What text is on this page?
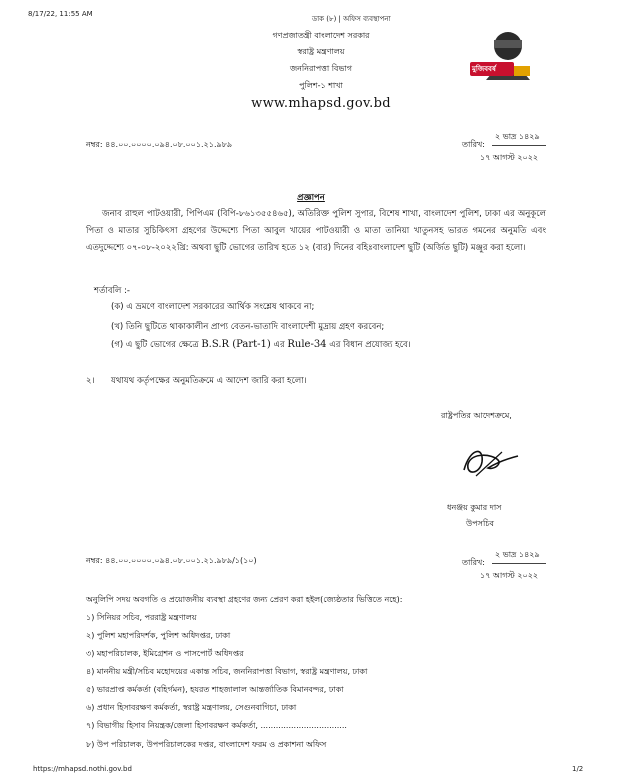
8/17/22, 11:55 AM
ডাক (৮) | অফিস ব্যবস্থাপনা
গণপ্রজাতন্ত্রী বাংলাদেশ সরকার
স্বরাষ্ট্র মন্ত্রণালয়
জননিরাপত্তা বিভাগ
পুলিশ-১ শাখা
www.mhapsd.gov.bd
মুজিববর্ষ
নম্বর: ৪৪.০০.০০০০.০৯৪.০৮.০০১.২১.৯৮৯	তারিখ:
২ ভাদ্র ১৪২৯
১৭ আগস্ট ২০২২
প্রজ্ঞাপন
জনাব রাহুল পাটওয়ারী, পিপিএম (বিপি-৮৬১৩৫৫৪৬৫), অতিরিক্ত পুলিশ সুপার, বিশেষ শাখা, বাংলাদেশ পুলিশ, ঢাকা এর অনুকূলে পিতা ও মাতার সুচিকিৎসা গ্রহণের উদ্দেশ্যে পিতা আবুল খায়ের পাটওয়ারী ও মাতা তানিয়া খাতুনসহ ভারত গমনের অনুমতি এবং এতদুদ্দেশ্যে ০৭-০৮-২০২২খ্রি: অথবা ছুটি ভোগের তারিখ হতে ১২ (বার) দিনের বহিঃবাংলাদেশ ছুটি (অর্জিত ছুটি) মঞ্জুর করা হলো।
শর্তাবলি :-
(ক) এ ভ্রমণে বাংলাদেশ সরকারের আর্থিক সংশ্লেষ থাকবে না;
(খ) তিনি ছুটিতে থাকাকালীন প্রাপ্য বেতন-ভাতাদি বাংলাদেশী মুদ্রায় গ্রহণ করবেন;
(গ) এ ছুটি ভোগের ক্ষেত্রে B.S.R (Part-1) এর Rule-34 এর বিধান প্রযোজ্য হবে।
২। যথাযথ কর্তৃপক্ষের অনুমতিক্রমে এ আদেশ জারি করা হলো।
রাষ্ট্রপতির আদেশক্রমে,
ধনঞ্জয় কুমার দাস
উপসচিব
নম্বর: ৪৪.০০.০০০০.০৯৪.০৮.০০১.২১.৯৮৯/১(১০)	তারিখ:
২ ভাদ্র ১৪২৯
১৭ আগস্ট ২০২২
অনুলিপি সদয় অবগতি ও প্রয়োজনীয় ব্যবস্থা গ্রহণের জন্য প্রেরণ করা হইল(জ্যেষ্ঠতার ভিত্তিতে নহে):
১) সিনিয়র সচিব, পররাষ্ট্র মন্ত্রণালয়
২) পুলিশ মহাপরিদর্শক, পুলিশ অধিদপ্তর, ঢাকা
৩) মহাপরিচালক, ইমিগ্রেশন ও পাসপোর্ট অধিদপ্তর
৪) মাননীয় মন্ত্রী/সচিব মহোদয়ের একান্ত সচিব, জননিরাপত্তা বিভাগ, স্বরাষ্ট্র মন্ত্রণালয়, ঢাকা
৫) ভারপ্রাপ্ত কর্মকর্তা (বহির্গমন), হযরত শাহজালাল আন্তর্জাতিক বিমানবন্দর, ঢাকা
৬) প্রধান হিসাবরক্ষণ কর্মকর্তা, স্বরাষ্ট্র মন্ত্রণালয়, সেগুনবাগিচা, ঢাকা
৭) বিভাগীয় হিসাব নিয়ন্ত্রক/জেলা হিসাবরক্ষণ কর্মকর্তা, ..................................
৮) উপ পরিচালক, উপপরিচালকের দপ্তর, বাংলাদেশ ফরম ও প্রকাশনা অফিস
https://mhapsd.nothi.gov.bd	1/2
